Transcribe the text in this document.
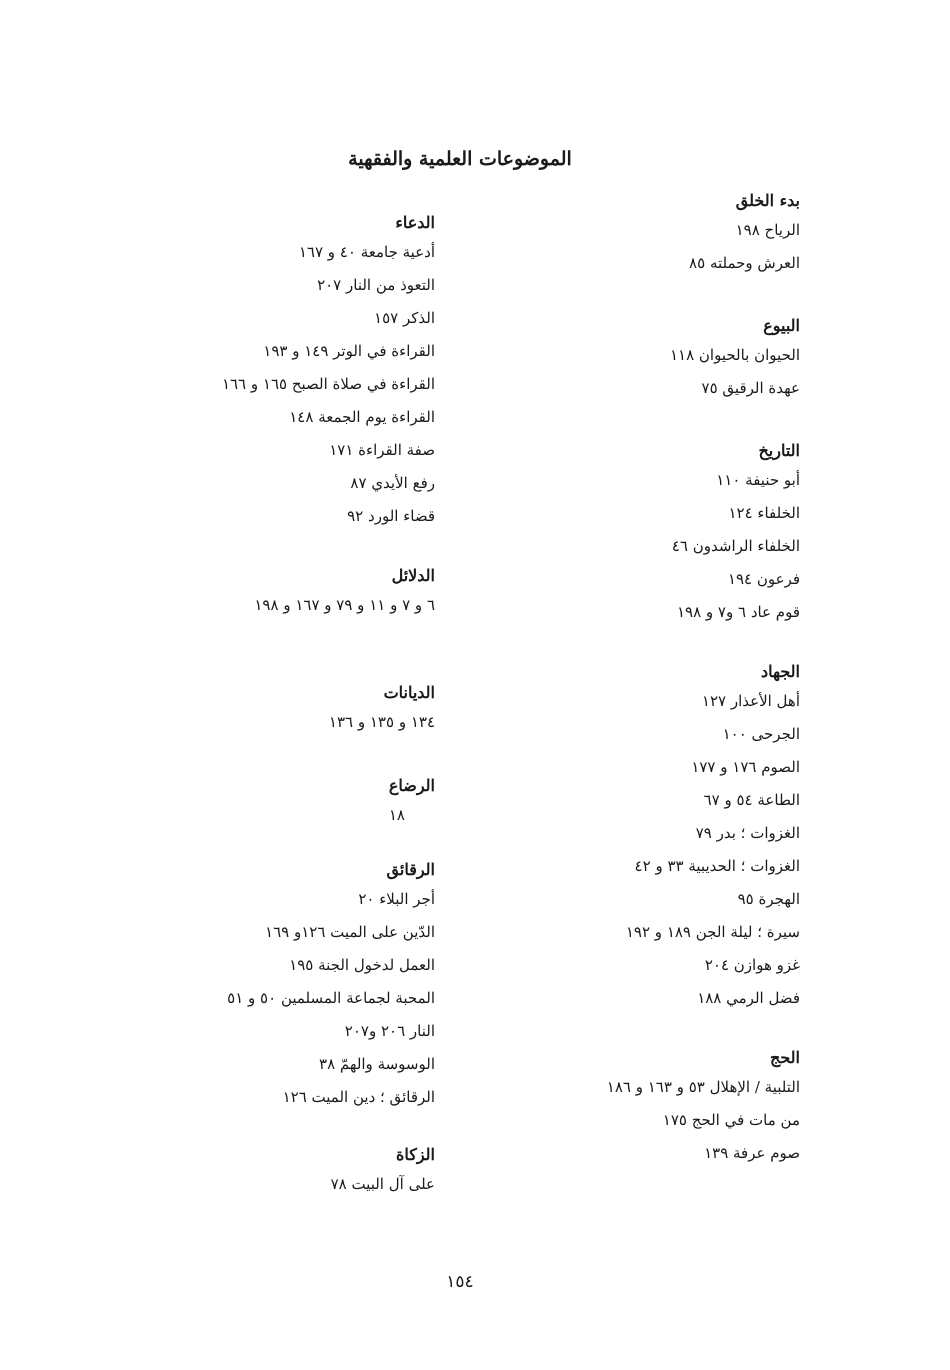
الموضوعات العلمية والفقهية
بدء الخلق
الرياح ١٩٨
العرش وحملته ٨٥
البيوع
الحيوان بالحيوان ١١٨
عهدة الرقيق ٧٥
التاريخ
أبو حنيفة ١١٠
الخلفاء ١٢٤
الخلفاء الراشدون ٤٦
فرعون ١٩٤
قوم عاد ٦ و٧ و ١٩٨
الجهاد
أهل الأعذار ١٢٧
الجرحى ١٠٠
الصوم ١٧٦ و ١٧٧
الطاعة ٥٤ و ٦٧
الغزوات ؛ بدر ٧٩
الغزوات ؛ الحديبية ٣٣ و ٤٢
الهجرة ٩٥
سيرة ؛ ليلة الجن ١٨٩ و ١٩٢
غزو هوازن ٢٠٤
فضل الرمي ١٨٨
الحج
التلبية / الإهلال ٥٣ و ١٦٣ و ١٨٦
من مات في الحج ١٧٥
صوم عرفة ١٣٩
الدعاء
أدعية جامعة ٤٠ و ١٦٧
التعوذ من النار ٢٠٧
الذكر ١٥٧
القراءة في الوتر ١٤٩ و ١٩٣
القراءة في صلاة الصبح ١٦٥ و ١٦٦
القراءة يوم الجمعة ١٤٨
صفة القراءة ١٧١
رفع الأيدي ٨٧
قضاء الورد ٩٢
الدلائل
٦ و ٧ و ١١ و ٧٩ و ١٦٧ و ١٩٨
الديانات
١٣٤ و ١٣٥ و ١٣٦
الرضاع
١٨
الرقائق
أجر البلاء ٢٠
الدّين على الميت ١٢٦و ١٦٩
العمل لدخول الجنة ١٩٥
المحبة لجماعة المسلمين ٥٠ و ٥١
النار ٢٠٦ و٢٠٧
الوسوسة والهمّ ٣٨
الرقائق ؛ دين الميت ١٢٦
الزكاة
على آل البيت ٧٨
١٥٤
